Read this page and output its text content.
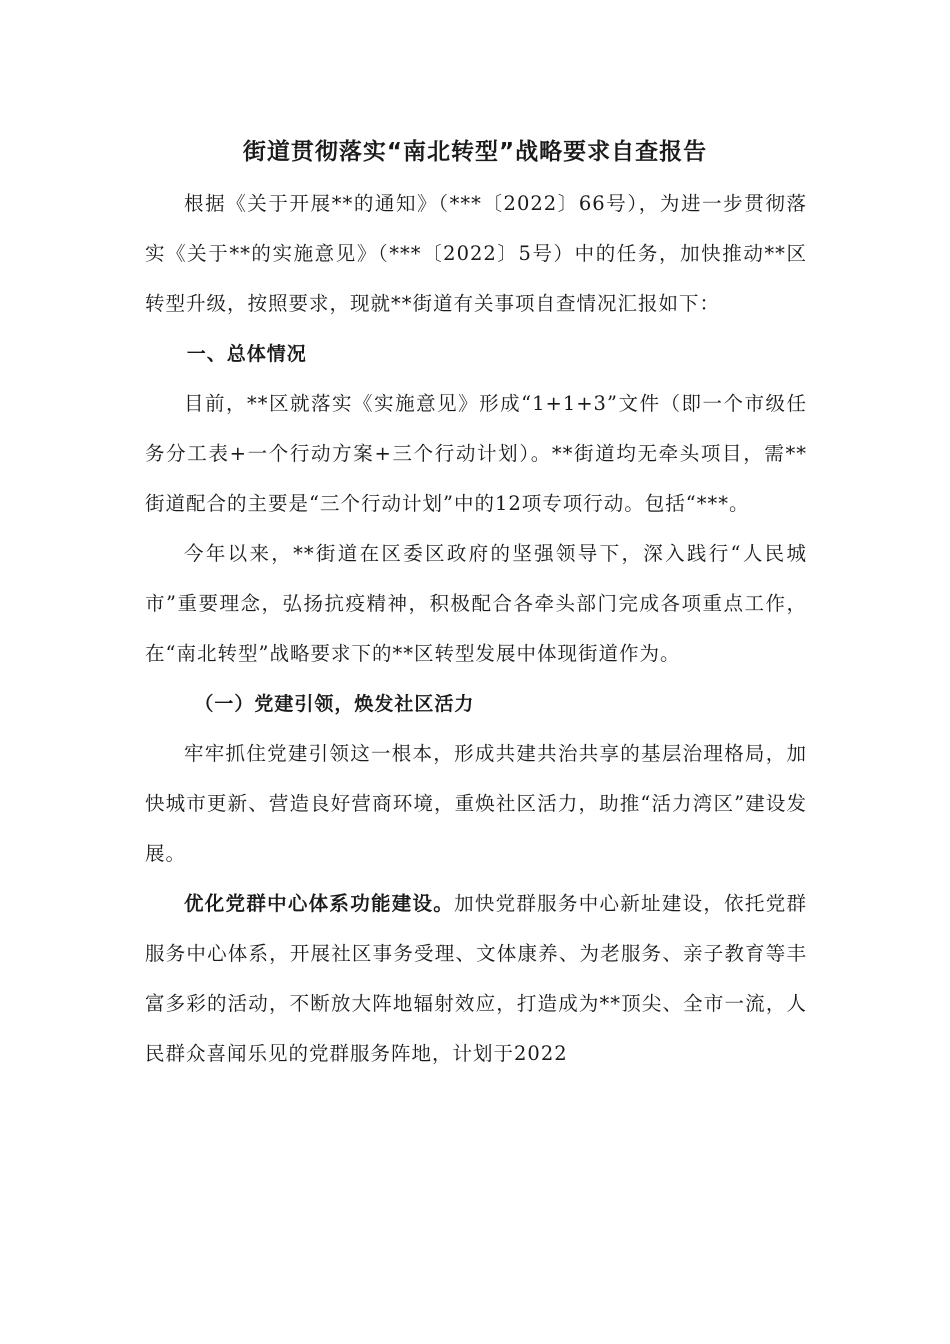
街道贯彻落实“南北转型”战略要求自查报告

根据《关于开展**的通知》（***〔2022〕66号），为进一步贯彻落实《关于**的实施意见》（***〔2022〕5号）中的任务，加快推动**区转型升级，按照要求，现就**街道有关事项自查情况汇报如下：

一、总体情况

目前，**区就落实《实施意见》形成“1+1+3”文件（即一个市级任务分工表+一个行动方案+三个行动计划）。**街道均无牵头项目，需**街道配合的主要是“三个行动计划”中的12项专项行动。包括“***。

今年以来，**街道在区委区政府的坚强领导下，深入践行“人民城市”重要理念，弘扬抗疫精神，积极配合各牵头部门完成各项重点工作，在“南北转型”战略要求下的**区转型发展中体现街道作为。

（一）党建引领，焕发社区活力

牢牢抓住党建引领这一根本，形成共建共治共享的基层治理格局，加快城市更新、营造良好营商环境，重焕社区活力，助推“活力湾区”建设发展。

优化党群中心体系功能建设。加快党群服务中心新址建设，依托党群服务中心体系，开展社区事务受理、文体康养、为老服务、亲子教育等丰富多彩的活动，不断放大阵地辐射效应，打造成为**顶尖、全市一流，人民群众喜闻乐见的党群服务阵地，计划于2022
